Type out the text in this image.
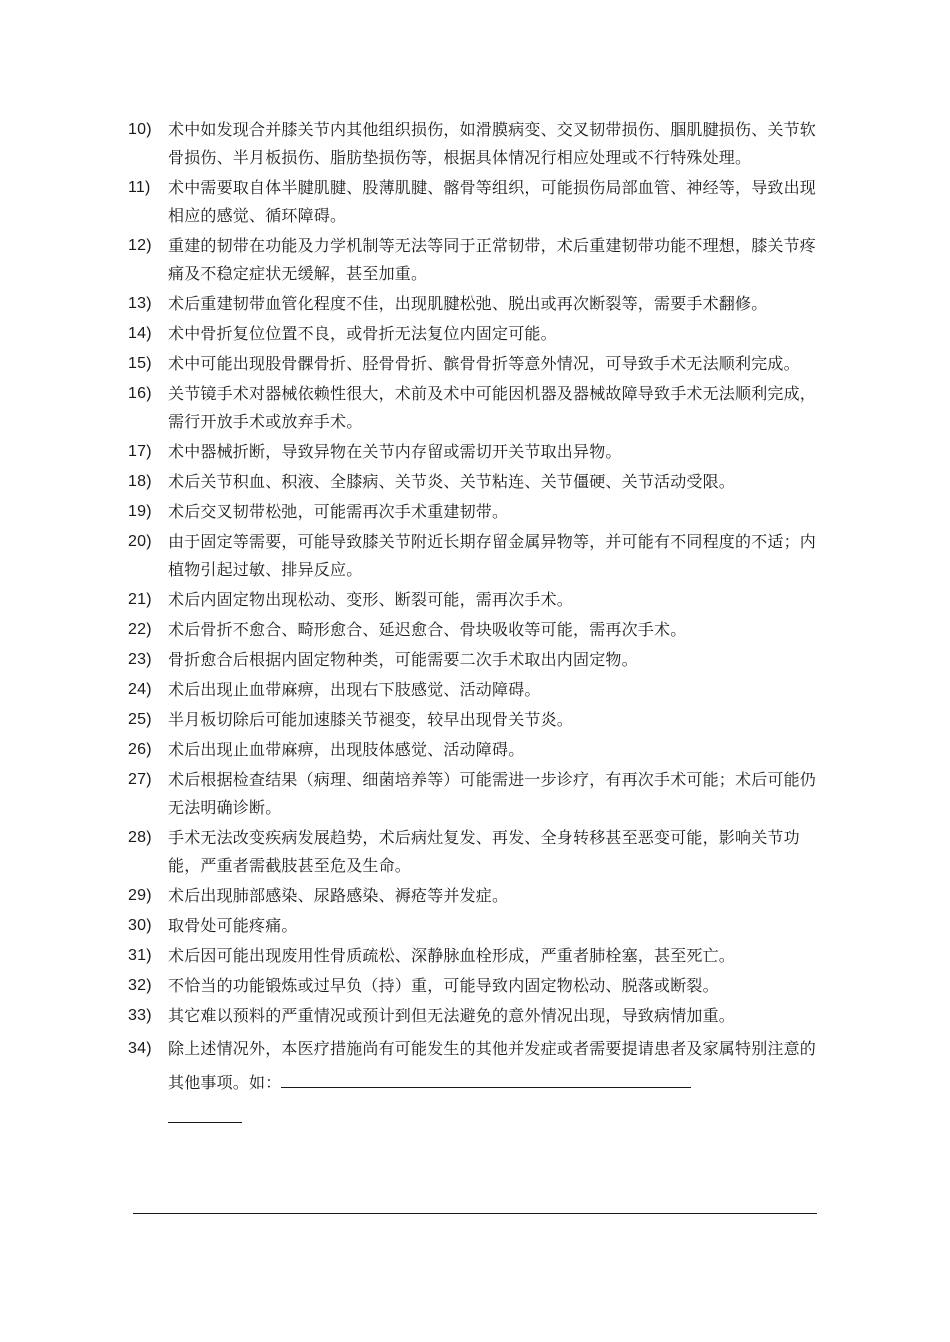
10)	术中如发现合并膝关节内其他组织损伤，如滑膜病变、交叉韧带损伤、腘肌腱损伤、关节软骨损伤、半月板损伤、脂肪垫损伤等，根据具体情况行相应处理或不行特殊处理。
11)	术中需要取自体半腱肌腱、股薄肌腱、髂骨等组织，可能损伤局部血管、神经等，导致出现相应的感觉、循环障碍。
12)	重建的韧带在功能及力学机制等无法等同于正常韧带，术后重建韧带功能不理想，膝关节疼痛及不稳定症状无缓解，甚至加重。
13)	术后重建韧带血管化程度不佳，出现肌腱松弛、脱出或再次断裂等，需要手术翻修。
14)	术中骨折复位位置不良，或骨折无法复位内固定可能。
15)	术中可能出现股骨髁骨折、胫骨骨折、髌骨骨折等意外情况，可导致手术无法顺利完成。
16)	关节镜手术对器械依赖性很大，术前及术中可能因机器及器械故障导致手术无法顺利完成，需行开放手术或放弃手术。
17)	术中器械折断，导致异物在关节内存留或需切开关节取出异物。
18)	术后关节积血、积液、全膝病、关节炎、关节粘连、关节僵硬、关节活动受限。
19)	术后交叉韧带松弛，可能需再次手术重建韧带。
20)	由于固定等需要，可能导致膝关节附近长期存留金属异物等，并可能有不同程度的不适；内植物引起过敏、排异反应。
21)	术后内固定物出现松动、变形、断裂可能，需再次手术。
22)	术后骨折不愈合、畸形愈合、延迟愈合、骨块吸收等可能，需再次手术。
23)	骨折愈合后根据内固定物种类，可能需要二次手术取出内固定物。
24)	术后出现止血带麻痹，出现右下肢感觉、活动障碍。
25)	半月板切除后可能加速膝关节褪变，较早出现骨关节炎。
26)	术后出现止血带麻痹，出现肢体感觉、活动障碍。
27)	术后根据检查结果（病理、细菌培养等）可能需进一步诊疗，有再次手术可能；术后可能仍无法明确诊断。
28)	手术无法改变疾病发展趋势，术后病灶复发、再发、全身转移甚至恶变可能，影响关节功能，严重者需截肢甚至危及生命。
29)	术后出现肺部感染、尿路感染、褥疮等并发症。
30)	取骨处可能疼痛。
31)	术后因可能出现废用性骨质疏松、深静脉血栓形成，严重者肺栓塞，甚至死亡。
32)	不恰当的功能锻炼或过早负（持）重，可能导致内固定物松动、脱落或断裂。
33)	其它难以预料的严重情况或预计到但无法避免的意外情况出现，导致病情加重。
34)	除上述情况外，本医疗措施尚有可能发生的其他并发症或者需要提请患者及家属特别注意的其他事项。如：
